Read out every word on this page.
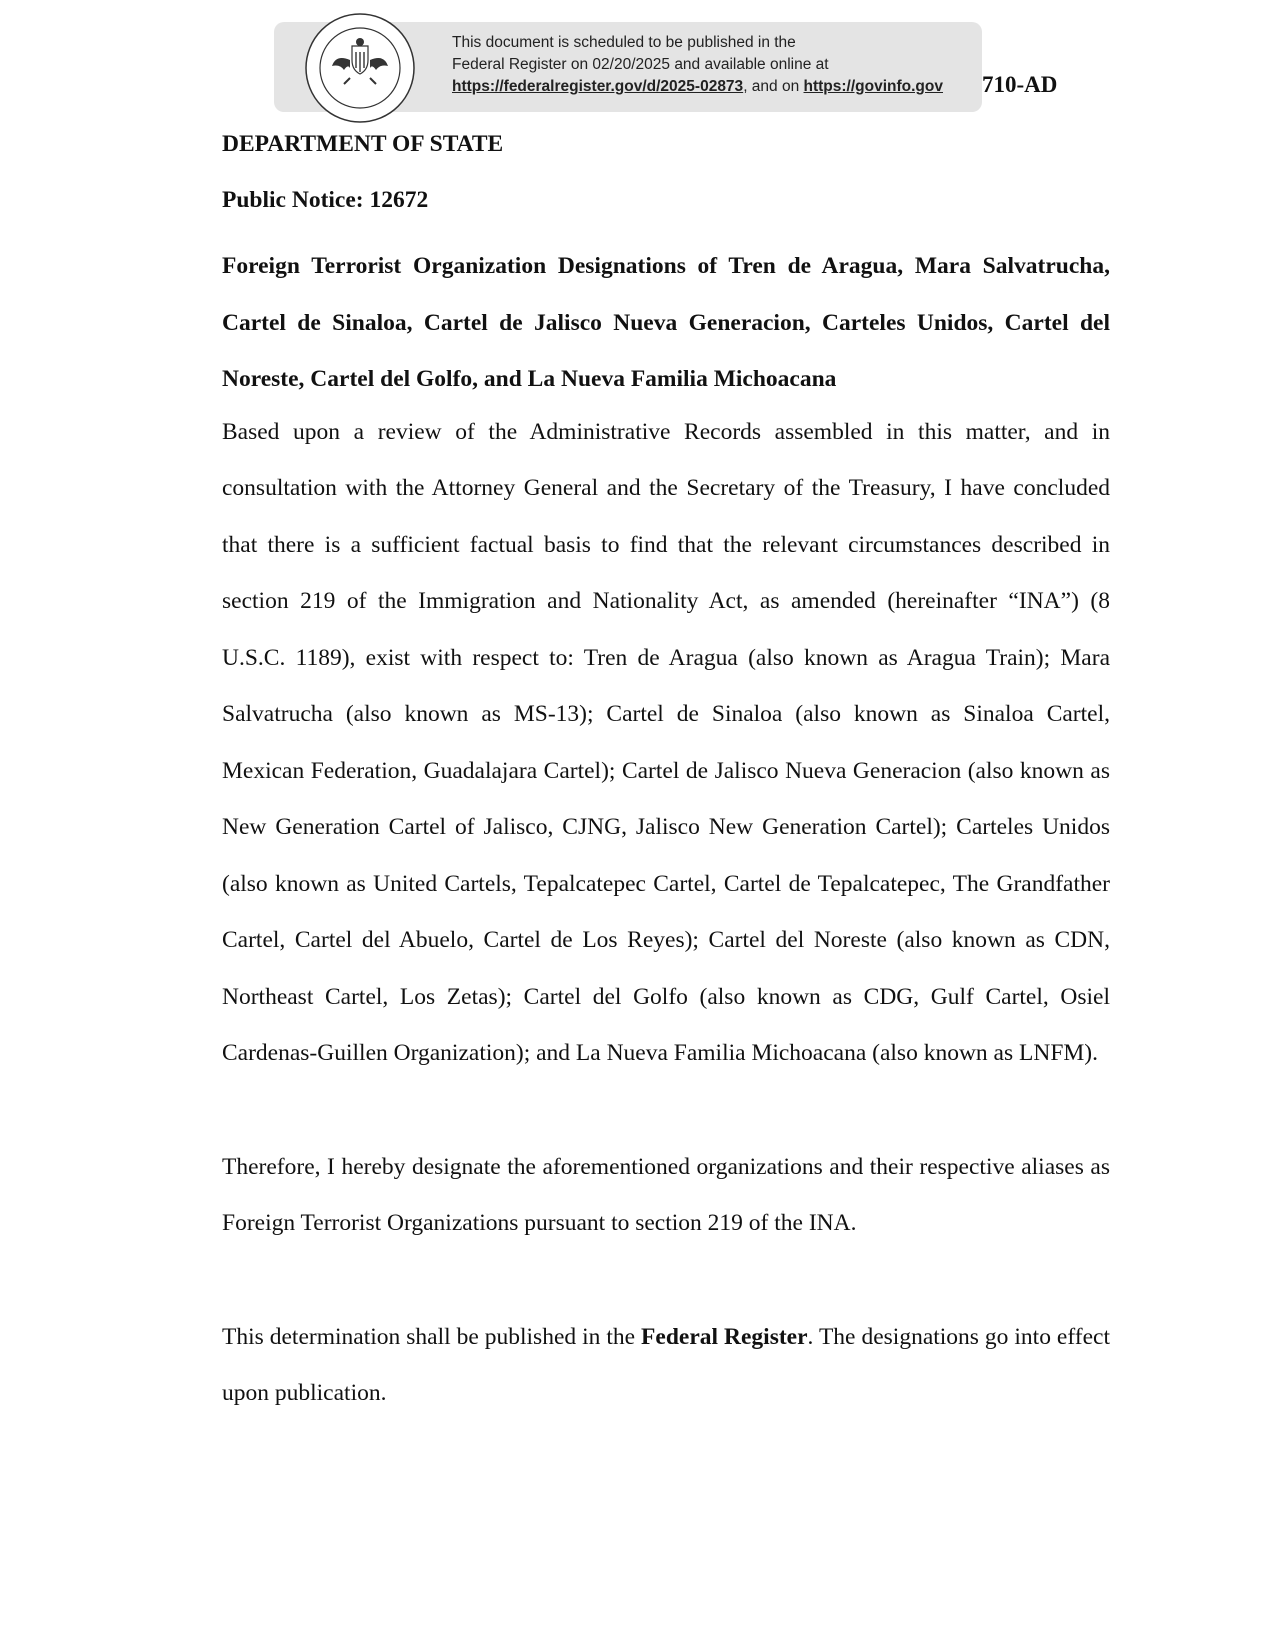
This document is scheduled to be published in the
Federal Register on 02/20/2025 and available online at
https://federalregister.gov/d/2025-02873, and on https://govinfo.gov	710-AD

DEPARTMENT OF STATE

Public Notice: 12672

Foreign Terrorist Organization Designations of Tren de Aragua, Mara Salvatrucha, Cartel de Sinaloa, Cartel de Jalisco Nueva Generacion, Carteles Unidos, Cartel del Noreste, Cartel del Golfo, and La Nueva Familia Michoacana

Based upon a review of the Administrative Records assembled in this matter, and in consultation with the Attorney General and the Secretary of the Treasury, I have concluded that there is a sufficient factual basis to find that the relevant circumstances described in section 219 of the Immigration and Nationality Act, as amended (hereinafter “INA”) (8 U.S.C. 1189), exist with respect to: Tren de Aragua (also known as Aragua Train); Mara Salvatrucha (also known as MS-13); Cartel de Sinaloa (also known as Sinaloa Cartel, Mexican Federation, Guadalajara Cartel); Cartel de Jalisco Nueva Generacion (also known as New Generation Cartel of Jalisco, CJNG, Jalisco New Generation Cartel); Carteles Unidos (also known as United Cartels, Tepalcatepec Cartel, Cartel de Tepalcatepec, The Grandfather Cartel, Cartel del Abuelo, Cartel de Los Reyes); Cartel del Noreste (also known as CDN, Northeast Cartel, Los Zetas); Cartel del Golfo (also known as CDG, Gulf Cartel, Osiel Cardenas-Guillen Organization); and La Nueva Familia Michoacana (also known as LNFM).

Therefore, I hereby designate the aforementioned organizations and their respective aliases as Foreign Terrorist Organizations pursuant to section 219 of the INA.

This determination shall be published in the Federal Register. The designations go into effect upon publication.
